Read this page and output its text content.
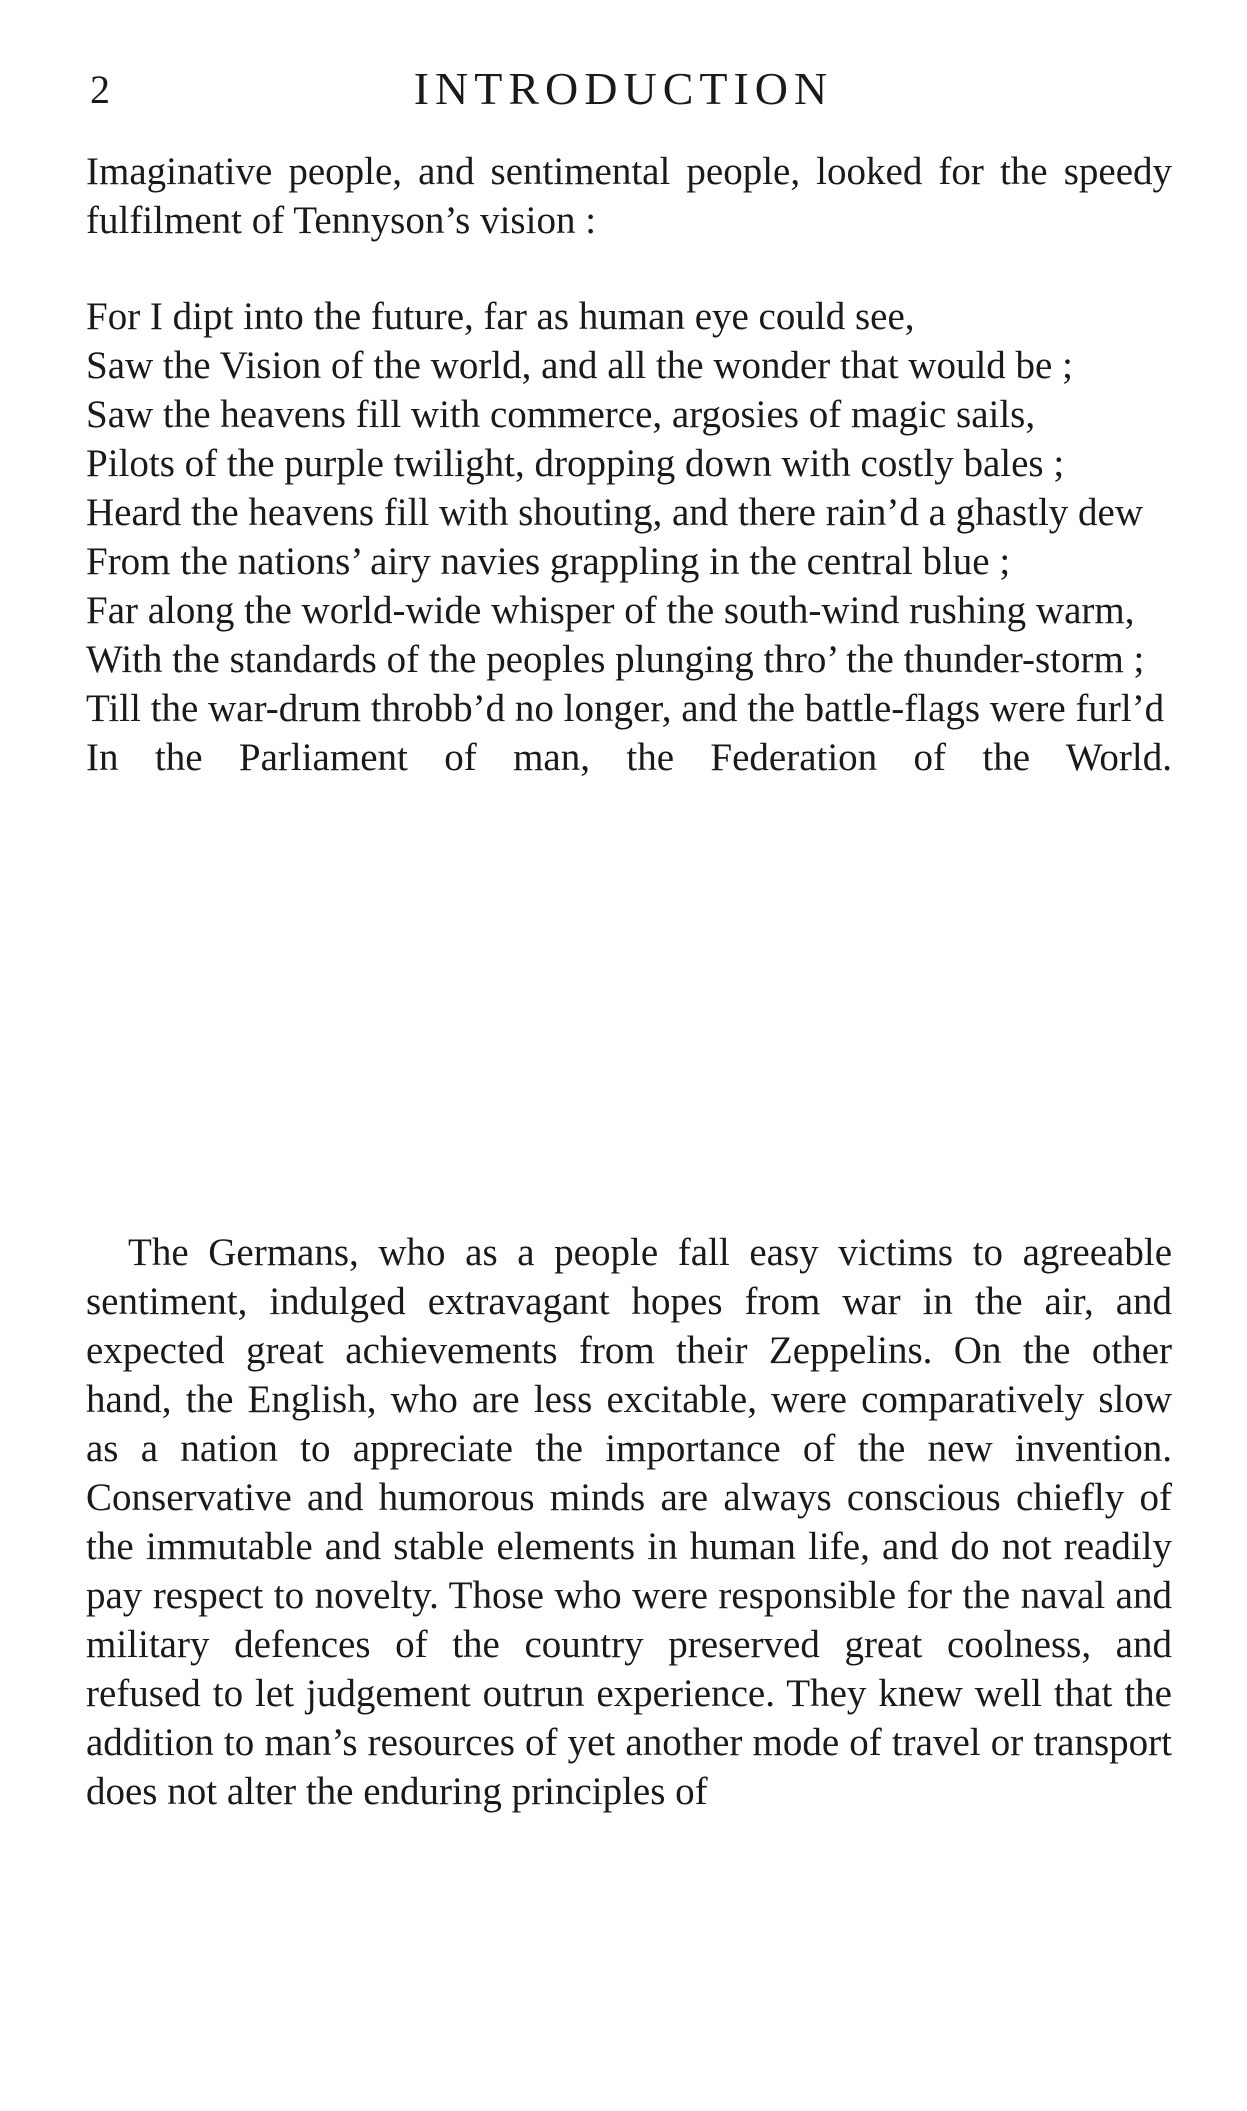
2	INTRODUCTION

Imaginative people, and sentimental people, looked for the speedy fulfilment of Tennyson’s vision :

For I dipt into the future, far as human eye could see,
Saw the Vision of the world, and all the wonder that would be ;
Saw the heavens fill with commerce, argosies of magic sails,
Pilots of the purple twilight, dropping down with costly bales ;
Heard the heavens fill with shouting, and there rain’d a ghastly dew
From the nations’ airy navies grappling in the central blue ;
Far along the world-wide whisper of the south-wind rushing warm,
With the standards of the peoples plunging thro’ the thunder-storm ;
Till the war-drum throbb’d no longer, and the battle-flags were furl’d
In the Parliament of man, the Federation of the World.

The Germans, who as a people fall easy victims to agreeable sentiment, indulged extravagant hopes from war in the air, and expected great achievements from their Zeppelins. On the other hand, the English, who are less excitable, were comparatively slow as a nation to appreciate the importance of the new invention. Conservative and humorous minds are always conscious chiefly of the immutable and stable elements in human life, and do not readily pay respect to novelty. Those who were responsible for the naval and military defences of the country preserved great coolness, and refused to let judgement outrun experience. They knew well that the addition to man’s resources of yet another mode of travel or transport does not alter the enduring principles of
